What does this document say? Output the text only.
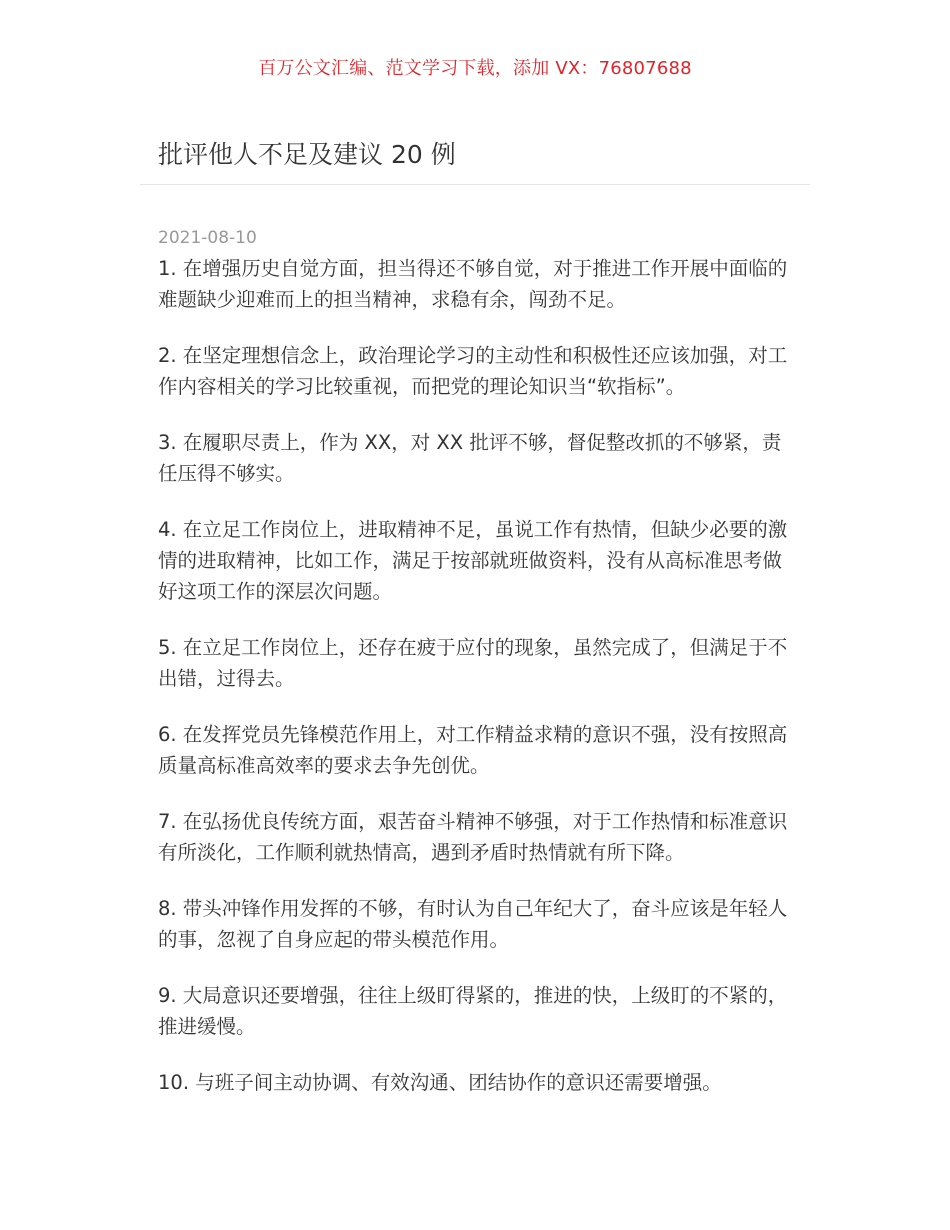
百万公文汇编、范文学习下载，添加 VX：76807688
批评他人不足及建议 20 例
2021-08-10

1. 在增强历史自觉方面，担当得还不够自觉，对于推进工作开展中面临的难题缺少迎难而上的担当精神，求稳有余，闯劲不足。

2. 在坚定理想信念上，政治理论学习的主动性和积极性还应该加强，对工作内容相关的学习比较重视，而把党的理论知识当“软指标”。

3. 在履职尽责上，作为 XX，对 XX 批评不够，督促整改抓的不够紧，责任压得不够实。

4. 在立足工作岗位上，进取精神不足，虽说工作有热情，但缺少必要的激情的进取精神，比如工作，满足于按部就班做资料，没有从高标准思考做好这项工作的深层次问题。

5. 在立足工作岗位上，还存在疲于应付的现象，虽然完成了，但满足于不出错，过得去。

6. 在发挥党员先锋模范作用上，对工作精益求精的意识不强，没有按照高质量高标准高效率的要求去争先创优。

7. 在弘扬优良传统方面，艰苦奋斗精神不够强，对于工作热情和标准意识有所淡化，工作顺利就热情高，遇到矛盾时热情就有所下降。

8. 带头冲锋作用发挥的不够，有时认为自己年纪大了，奋斗应该是年轻人的事，忽视了自身应起的带头模范作用。

9. 大局意识还要增强，往往上级盯得紧的，推进的快，上级盯的不紧的，推进缓慢。

10. 与班子间主动协调、有效沟通、团结协作的意识还需要增强。
